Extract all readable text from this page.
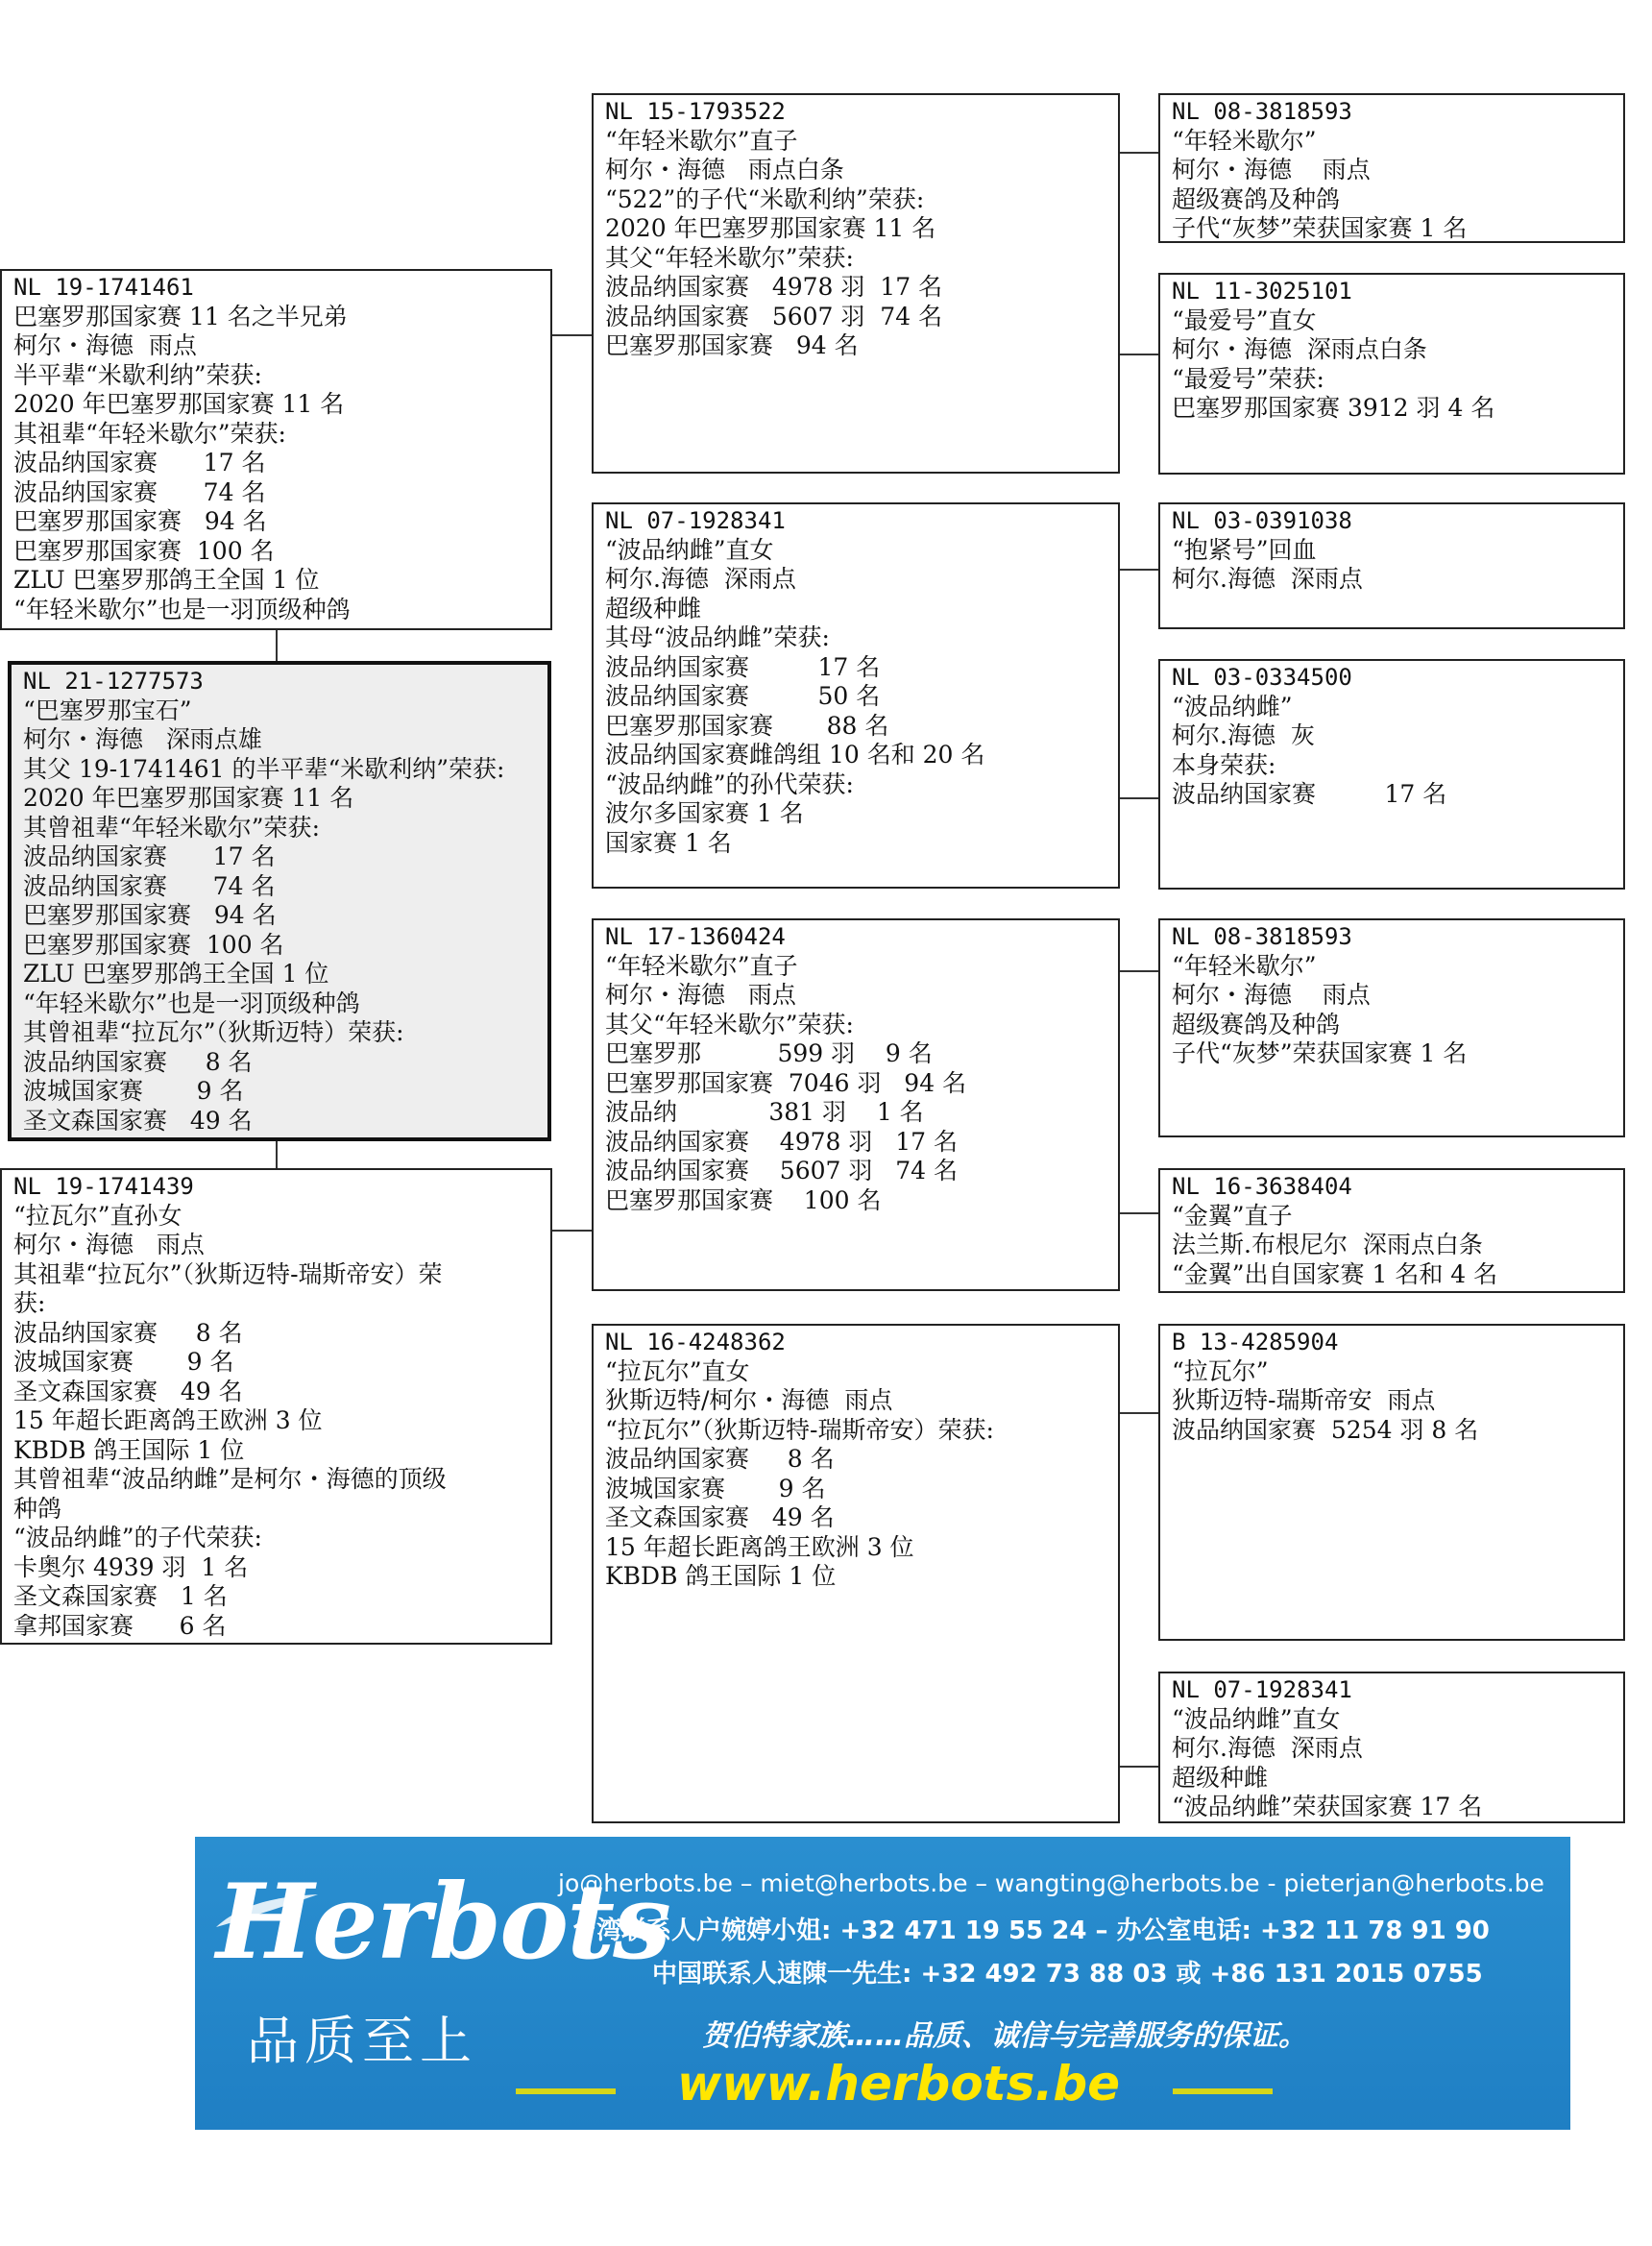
NL 21-1277573
“巴塞罗那宝石”
柯尔・海德   深雨点雄
其父 19-1741461 的半平辈“米歇利纳”荣获:
2020 年巴塞罗那国家赛 11 名
其曾祖辈“年轻米歇尔”荣获:
波品纳国家赛      17 名
波品纳国家赛      74 名
巴塞罗那国家赛   94 名
巴塞罗那国家赛  100 名
ZLU 巴塞罗那鸽王全国 1 位
“年轻米歇尔”也是一羽顶级种鸽
其曾祖辈“拉瓦尔”（狄斯迈特）荣获:
波品纳国家赛     8 名
波城国家赛       9 名
圣文森国家赛   49 名
NL 19-1741461
巴塞罗那国家赛 11 名之半兄弟
柯尔・海德  雨点
半平辈“米歇利纳”荣获:
2020 年巴塞罗那国家赛 11 名
其祖辈“年轻米歇尔”荣获:
波品纳国家赛      17 名
波品纳国家赛      74 名
巴塞罗那国家赛   94 名
巴塞罗那国家赛  100 名
ZLU 巴塞罗那鸽王全国 1 位
“年轻米歇尔”也是一羽顶级种鸽
NL 19-1741439
“拉瓦尔”直孙女
柯尔・海德   雨点
其祖辈“拉瓦尔”（狄斯迈特-瑞斯帝安）荣
获:
波品纳国家赛     8 名
波城国家赛       9 名
圣文森国家赛   49 名
15 年超长距离鸽王欧洲 3 位
KBDB 鸽王国际 1 位
其曾祖辈“波品纳雌”是柯尔・海德的顶级
种鸽
“波品纳雌”的子代荣获:
卡奥尔 4939 羽  1 名
圣文森国家赛   1 名
拿邦国家赛      6 名
NL 15-1793522
“年轻米歇尔”直子
柯尔・海德   雨点白条
“522”的子代“米歇利纳”荣获:
2020 年巴塞罗那国家赛 11 名
其父“年轻米歇尔”荣获:
波品纳国家赛   4978 羽  17 名
波品纳国家赛   5607 羽  74 名
巴塞罗那国家赛   94 名
NL 07-1928341
“波品纳雌”直女
柯尔.海德  深雨点
超级种雌
其母“波品纳雌”荣获:
波品纳国家赛         17 名
波品纳国家赛         50 名
巴塞罗那国家赛       88 名
波品纳国家赛雌鸽组 10 名和 20 名
“波品纳雌”的孙代荣获:
波尔多国家赛 1 名
国家赛 1 名
NL 17-1360424
“年轻米歇尔”直子
柯尔・海德   雨点
其父“年轻米歇尔”荣获:
巴塞罗那          599 羽    9 名
巴塞罗那国家赛  7046 羽   94 名
波品纳            381 羽    1 名
波品纳国家赛    4978 羽   17 名
波品纳国家赛    5607 羽   74 名
巴塞罗那国家赛    100 名
NL 16-4248362
“拉瓦尔”直女
狄斯迈特/柯尔・海德  雨点
“拉瓦尔”（狄斯迈特-瑞斯帝安）荣获:
波品纳国家赛     8 名
波城国家赛       9 名
圣文森国家赛   49 名
15 年超长距离鸽王欧洲 3 位
KBDB 鸽王国际 1 位
NL 08-3818593
“年轻米歇尔”
柯尔・海德    雨点
超级赛鸽及种鸽
子代“灰梦”荣获国家赛 1 名
NL 11-3025101
“最爱号”直女
柯尔・海德  深雨点白条
“最爱号”荣获:
巴塞罗那国家赛 3912 羽 4 名
NL 03-0391038
“抱紧号”回血
柯尔.海德  深雨点
NL 03-0334500
“波品纳雌”
柯尔.海德  灰
本身荣获:
波品纳国家赛         17 名
NL 08-3818593
“年轻米歇尔”
柯尔・海德    雨点
超级赛鸽及种鸽
子代“灰梦”荣获国家赛 1 名
NL 16-3638404
“金翼”直子
法兰斯.布根尼尔  深雨点白条
“金翼”出自国家赛 1 名和 4 名
B 13-4285904
“拉瓦尔”
狄斯迈特-瑞斯帝安  雨点
波品纳国家赛  5254 羽 8 名
NL 07-1928341
“波品纳雌”直女
柯尔.海德  深雨点
超级种雌
“波品纳雌”荣获国家赛 17 名
Herbots
品质至上
jo@herbots.be – miet@herbots.be – wangting@herbots.be - pieterjan@herbots.be
台湾联系人户婉婷小姐: +32 471 19 55 24 – 办公室电话: +32 11 78 91 90
中国联系人速陳一先生: +32 492 73 88 03 或 +86 131 2015 0755
贺伯特家族……品质、诚信与完善服务的保证。
www.herbots.be
